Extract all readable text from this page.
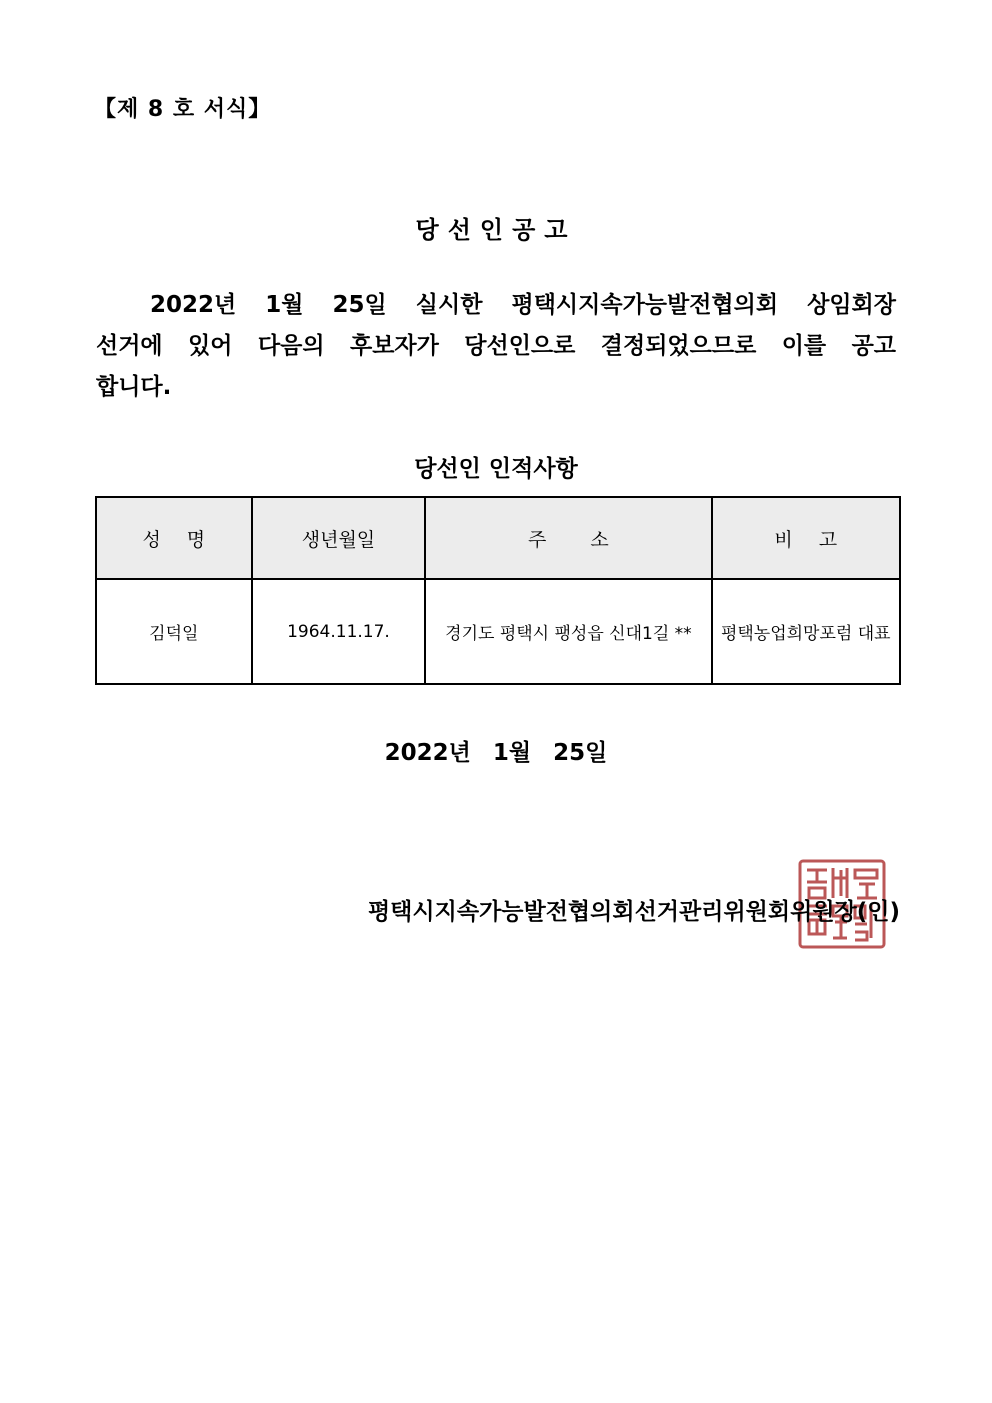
【제 8 호 서식】
당선인공고
2022년 1월 25일 실시한 평택시지속가능발전협의회 상임회장
선거에 있어 다음의 후보자가 당선인으로 결정되었으므로 이를 공고
합니다.
당선인 인적사항
성명	생년월일	주소	비고
김덕일	1964.11.17.	경기도 평택시 팽성읍 신대1길 **	평택농업희망포럼 대표
2022년 1월 25일
평택시지속가능발전협의회선거관리위원회위원장(인)
